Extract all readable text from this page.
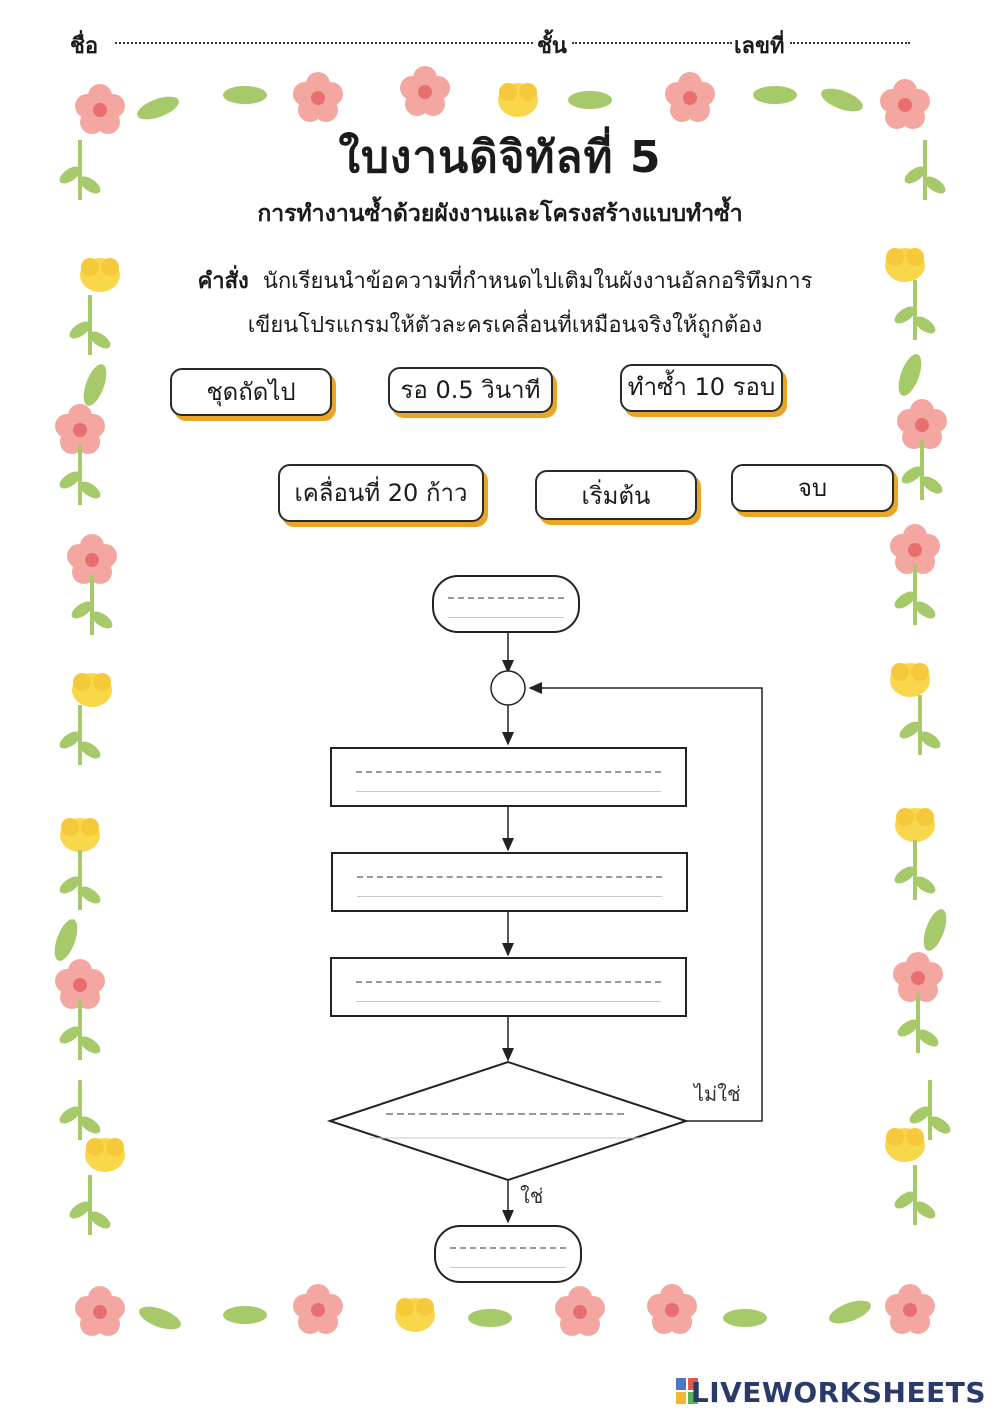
ชื่อ	ชั้น	เลขที่
ใบงานดิจิทัลที่ 5
การทำงานซ้ำด้วยผังงานและโครงสร้างแบบทำซ้ำ
คำสั่ง นักเรียนนำข้อความที่กำหนดไปเติมในผังงานอัลกอริทึมการ
เขียนโปรแกรมให้ตัวละครเคลื่อนที่เหมือนจริงให้ถูกต้อง
ชุดถัดไป	รอ 0.5 วินาที	ทำซ้ำ 10 รอบ
เคลื่อนที่ 20 ก้าว	เริ่มต้น	จบ
ไม่ใช่
ใช่
LIVEWORKSHEETS
